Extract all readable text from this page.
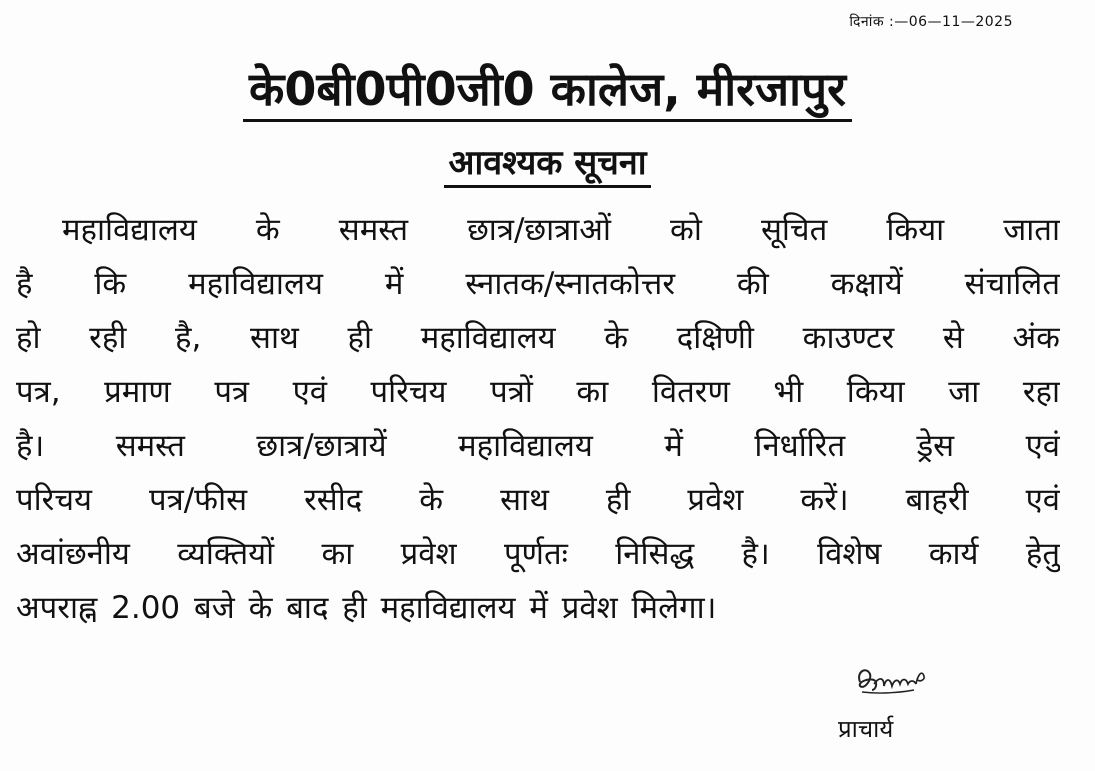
दिनांक :—06—11—2025
के0बी0पी0जी0 कालेज, मीरजापुर
आवश्यक सूचना
महाविद्यालय के समस्त छात्र/छात्राओं को सूचित किया जाता
है कि महाविद्यालय में स्नातक/स्नातकोत्तर की कक्षायें संचालित
हो रही है, साथ ही महाविद्यालय के दक्षिणी काउण्टर से अंक
पत्र, प्रमाण पत्र एवं परिचय पत्रों का वितरण भी किया जा रहा
है। समस्त छात्र/छात्रायें महाविद्यालय में निर्धारित ड्रेस एवं
परिचय पत्र/फीस रसीद के साथ ही प्रवेश करें। बाहरी एवं
अवांछनीय व्यक्तियों का प्रवेश पूर्णतः निसिद्ध है। विशेष कार्य हेतु
अपराह्न 2.00 बजे के बाद ही महाविद्यालय में प्रवेश मिलेगा।
प्राचार्य
